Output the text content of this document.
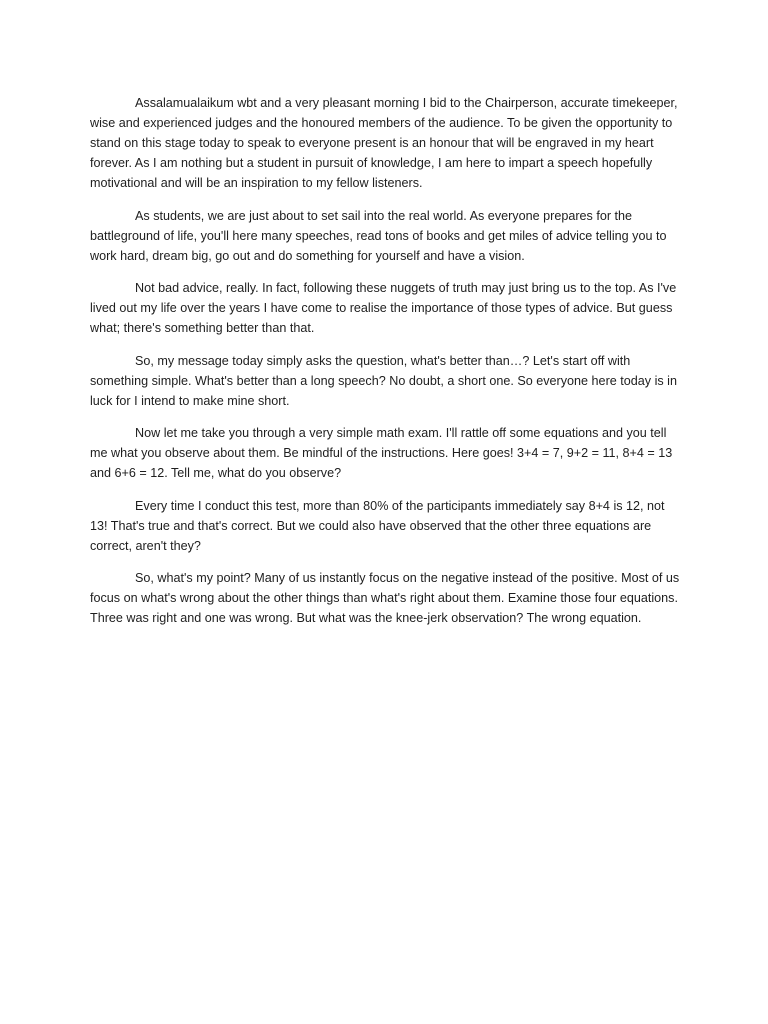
Assalamualaikum wbt and a very pleasant morning I bid to the Chairperson, accurate timekeeper, wise and experienced judges and the honoured members of the audience. To be given the opportunity to stand on this stage today to speak to everyone present is an honour that will be engraved in my heart forever. As I am nothing but a student in pursuit of knowledge, I am here to impart a speech hopefully motivational and will be an inspiration to my fellow listeners.

As students, we are just about to set sail into the real world. As everyone prepares for the battleground of life, you'll here many speeches, read tons of books and get miles of advice telling you to work hard, dream big, go out and do something for yourself and have a vision.

Not bad advice, really. In fact, following these nuggets of truth may just bring us to the top. As I've lived out my life over the years I have come to realise the importance of those types of advice. But guess what; there's something better than that.

So, my message today simply asks the question, what's better than…? Let's start off with something simple. What's better than a long speech? No doubt, a short one. So everyone here today is in luck for I intend to make mine short.

Now let me take you through a very simple math exam. I'll rattle off some equations and you tell me what you observe about them. Be mindful of the instructions. Here goes! 3+4 = 7, 9+2 = 11, 8+4 = 13 and 6+6 = 12. Tell me, what do you observe?

Every time I conduct this test, more than 80% of the participants immediately say 8+4 is 12, not 13! That's true and that's correct. But we could also have observed that the other three equations are correct, aren't they?

So, what's my point? Many of us instantly focus on the negative instead of the positive. Most of us focus on what's wrong about the other things than what's right about them. Examine those four equations. Three was right and one was wrong. But what was the knee-jerk observation? The wrong equation.
